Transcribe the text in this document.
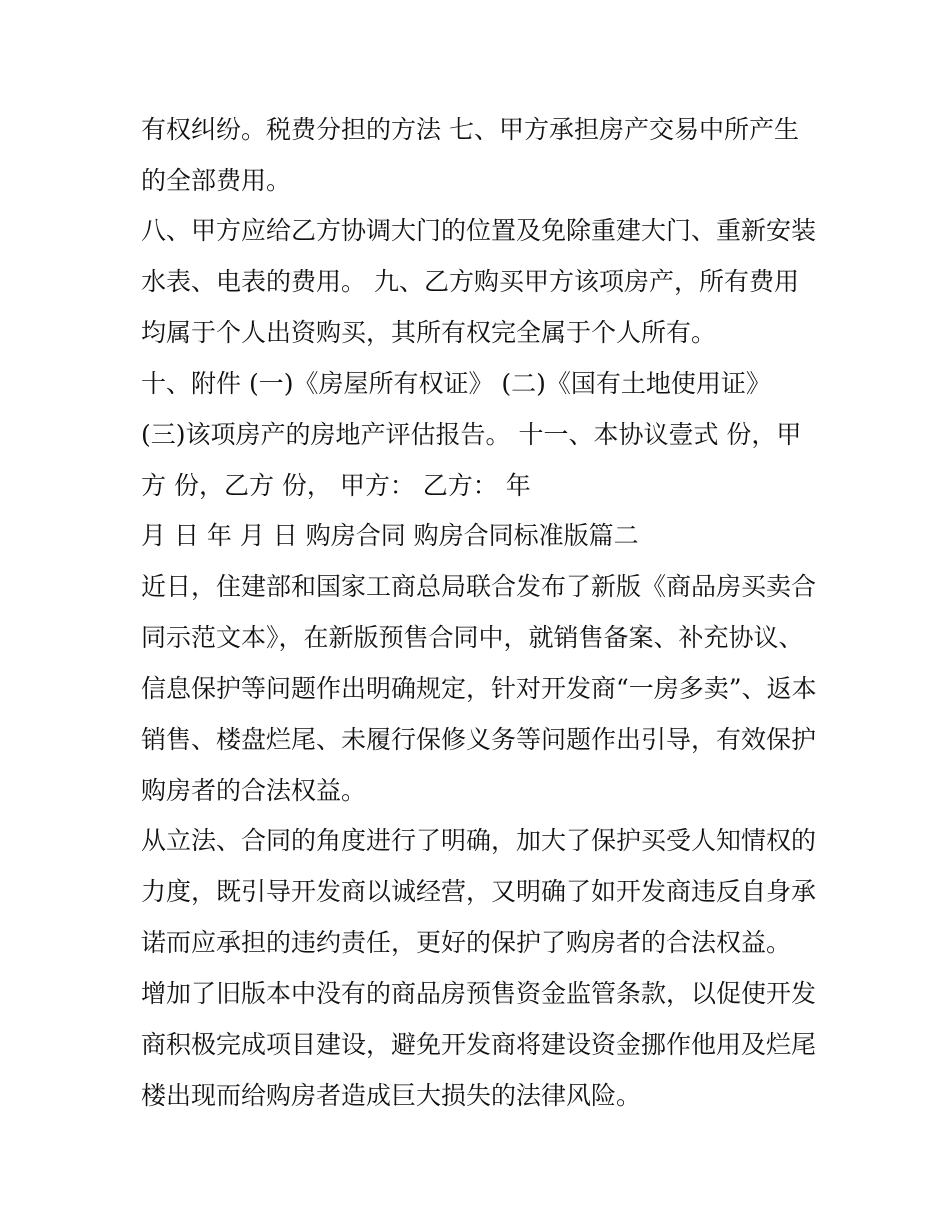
有权纠纷。税费分担的方法 七、甲方承担房产交易中所产生
的全部费用。
八、甲方应给乙方协调大门的位置及免除重建大门、重新安装
水表、电表的费用。 九、乙方购买甲方该项房产，所有费用
均属于个人出资购买，其所有权完全属于个人所有。
十、附件 (一)《房屋所有权证》 (二)《国有土地使用证》
(三)该项房产的房地产评估报告。 十一、本协议壹式 份，甲
方 份，乙方 份， 甲方： 乙方： 年
月 日 年 月 日 购房合同 购房合同标准版篇二
近日，住建部和国家工商总局联合发布了新版《商品房买卖合
同示范文本》，在新版预售合同中，就销售备案、补充协议、
信息保护等问题作出明确规定，针对开发商“一房多卖”、返本
销售、楼盘烂尾、未履行保修义务等问题作出引导，有效保护
购房者的合法权益。
从立法、合同的角度进行了明确，加大了保护买受人知情权的
力度，既引导开发商以诚经营，又明确了如开发商违反自身承
诺而应承担的违约责任，更好的保护了购房者的合法权益。
增加了旧版本中没有的商品房预售资金监管条款，以促使开发
商积极完成项目建设，避免开发商将建设资金挪作他用及烂尾
楼出现而给购房者造成巨大损失的法律风险。
